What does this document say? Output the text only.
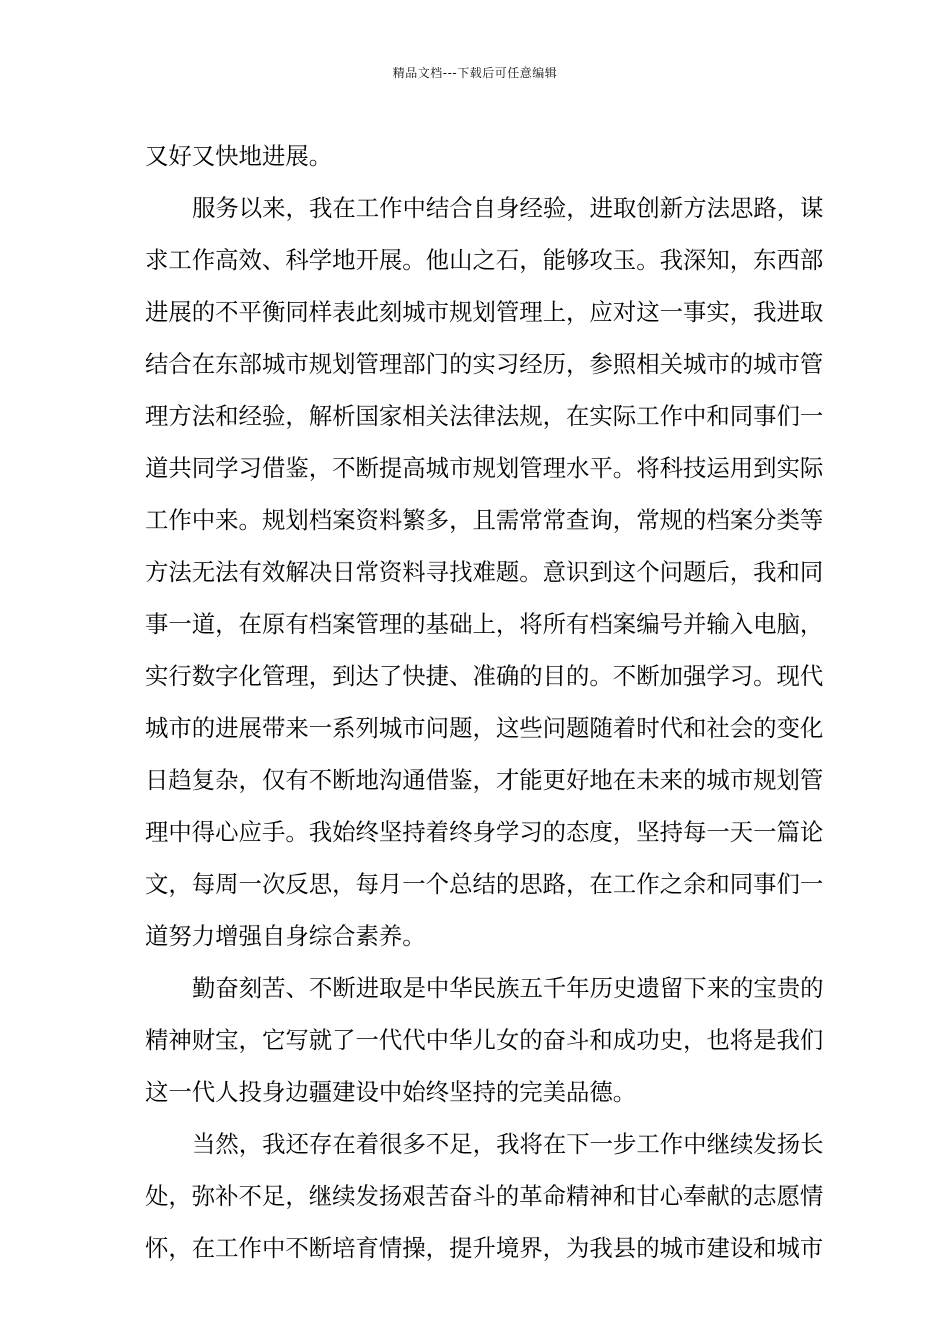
精品文档---下载后可任意编辑
又好又快地进展。
服务以来，我在工作中结合自身经验，进取创新方法思路，谋
求工作高效、科学地开展。他山之石，能够攻玉。我深知，东西部
进展的不平衡同样表此刻城市规划管理上，应对这一事实，我进取
结合在东部城市规划管理部门的实习经历，参照相关城市的城市管
理方法和经验，解析国家相关法律法规，在实际工作中和同事们一
道共同学习借鉴，不断提高城市规划管理水平。将科技运用到实际
工作中来。规划档案资料繁多，且需常常查询，常规的档案分类等
方法无法有效解决日常资料寻找难题。意识到这个问题后，我和同
事一道，在原有档案管理的基础上，将所有档案编号并输入电脑，
实行数字化管理，到达了快捷、准确的目的。不断加强学习。现代
城市的进展带来一系列城市问题，这些问题随着时代和社会的变化
日趋复杂，仅有不断地沟通借鉴，才能更好地在未来的城市规划管
理中得心应手。我始终坚持着终身学习的态度，坚持每一天一篇论
文，每周一次反思，每月一个总结的思路，在工作之余和同事们一
道努力增强自身综合素养。
勤奋刻苦、不断进取是中华民族五千年历史遗留下来的宝贵的
精神财宝，它写就了一代代中华儿女的奋斗和成功史，也将是我们
这一代人投身边疆建设中始终坚持的完美品德。
当然，我还存在着很多不足，我将在下一步工作中继续发扬长
处，弥补不足，继续发扬艰苦奋斗的革命精神和甘心奉献的志愿情
怀，在工作中不断培育情操，提升境界，为我县的城市建设和城市
